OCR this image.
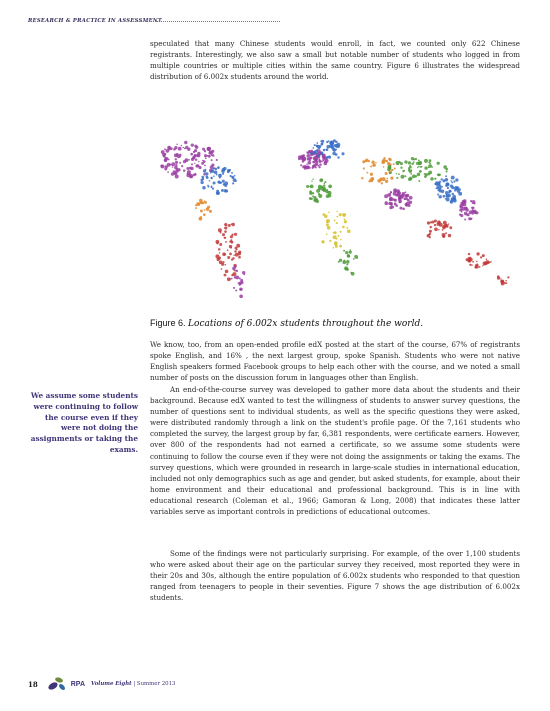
RESEARCH & PRACTICE IN ASSESSMENT

speculated that many Chinese students would enroll, in fact, we counted only 622 Chinese registrants. Interestingly, we also saw a small but notable number of students who logged in from multiple countries or multiple cities within the same country. Figure 6 illustrates the widespread distribution of 6.002x students around the world.

Figure 6. Locations of 6.002x students throughout the world.

We know, too, from an open-ended profile edX posted at the start of the course, 67% of registrants spoke English, and 16% , the next largest group, spoke Spanish. Students who were not native English speakers formed Facebook groups to help each other with the course, and we noted a small number of posts on the discussion forum in languages other than English.

An end-of-the-course survey was developed to gather more data about the students and their background. Because edX wanted to test the willingness of students to answer survey questions, the number of questions sent to individual students, as well as the specific questions they were asked, were distributed randomly through a link on the student's profile page. Of the 7,161 students who completed the survey, the largest group by far, 6,381 respondents, were certificate earners. However, over 800 of the respondents had not earned a certificate, so we assume some students were continuing to follow the course even if they were not doing the assignments or taking the exams. The survey questions, which were grounded in research in large-scale studies in international education, included not only demographics such as age and gender, but asked students, for example, about their home environment and their educational and professional background. This is in line with educational research (Coleman et al., 1966; Gamoran & Long, 2008) that indicates these latter variables serve as important controls in predictions of educational outcomes.

Some of the findings were not particularly surprising. For example, of the over 1,100 students who were asked about their age on the particular survey they received, most reported they were in their 20s and 30s, although the entire population of 6.002x students who responded to that question ranged from teenagers to people in their seventies. Figure 7 shows the age distribution of 6.002x students.

We assume some students were continuing to follow the course even if they were not doing the assignments or taking the exams.
18	RPA Volume Eight | Summer 2013
